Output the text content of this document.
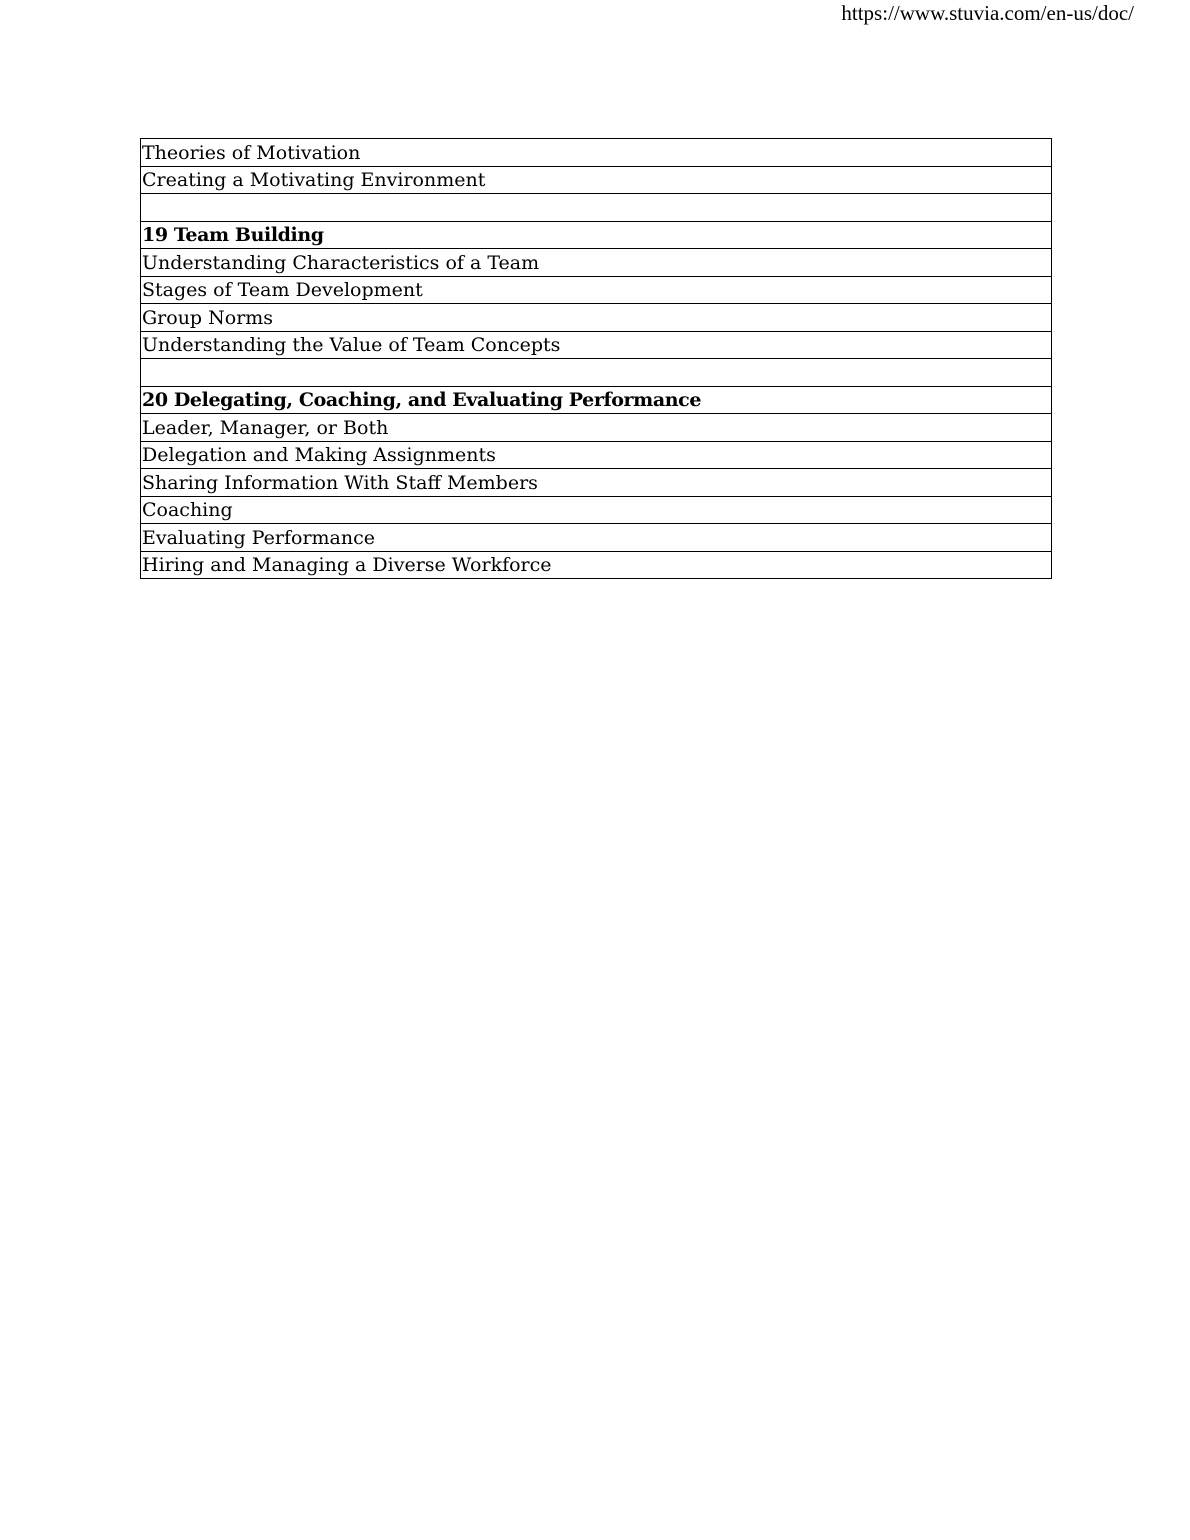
https://www.stuvia.com/en-us/doc/
Theories of Motivation
Creating a Motivating Environment

19 Team Building
Understanding Characteristics of a Team
Stages of Team Development
Group Norms
Understanding the Value of Team Concepts

20 Delegating, Coaching, and Evaluating Performance
Leader, Manager, or Both
Delegation and Making Assignments
Sharing Information With Staff Members
Coaching
Evaluating Performance
Hiring and Managing a Diverse Workforce
